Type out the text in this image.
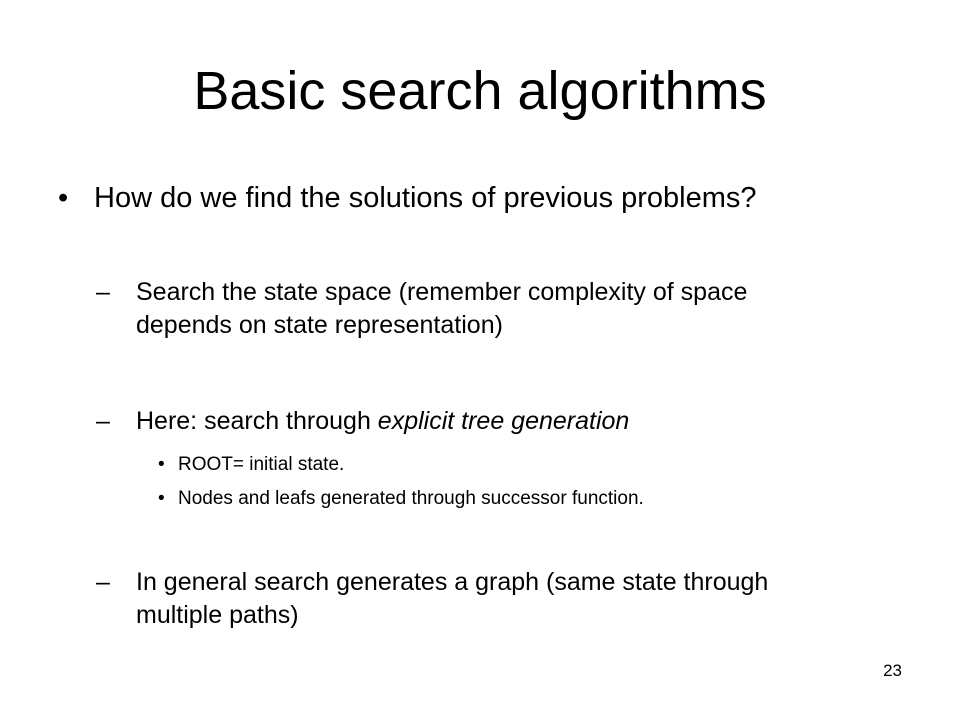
Basic search algorithms
• How do we find the solutions of previous problems?
– Search the state space (remember complexity of space depends on state representation)
– Here: search through explicit tree generation
• ROOT= initial state.
• Nodes and leafs generated through successor function.
– In general search generates a graph (same state through multiple paths)
23
